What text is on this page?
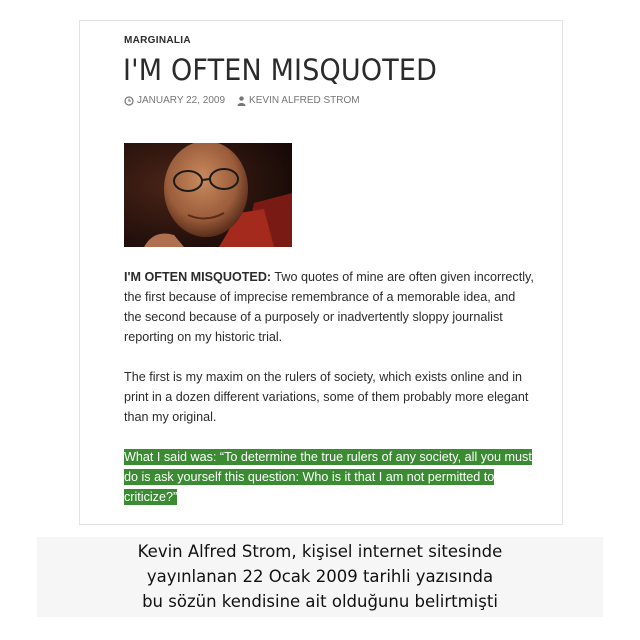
MARGINALIA
I'M OFTEN MISQUOTED
JANUARY 22, 2009 KEVIN ALFRED STROM

I'M OFTEN MISQUOTED: Two quotes of mine are often given incorrectly, the first because of imprecise remembrance of a memorable idea, and the second because of a purposely or inadvertently sloppy journalist reporting on my historic trial.

The first is my maxim on the rulers of society, which exists online and in print in a dozen different variations, some of them probably more elegant than my original.

What I said was: “To determine the true rulers of any society, all you must do is ask yourself this question: Who is it that I am not permitted to criticize?”

Kevin Alfred Strom, kişisel internet sitesinde
yayınlanan 22 Ocak 2009 tarihli yazısında
bu sözün kendisine ait olduğunu belirtmişti
